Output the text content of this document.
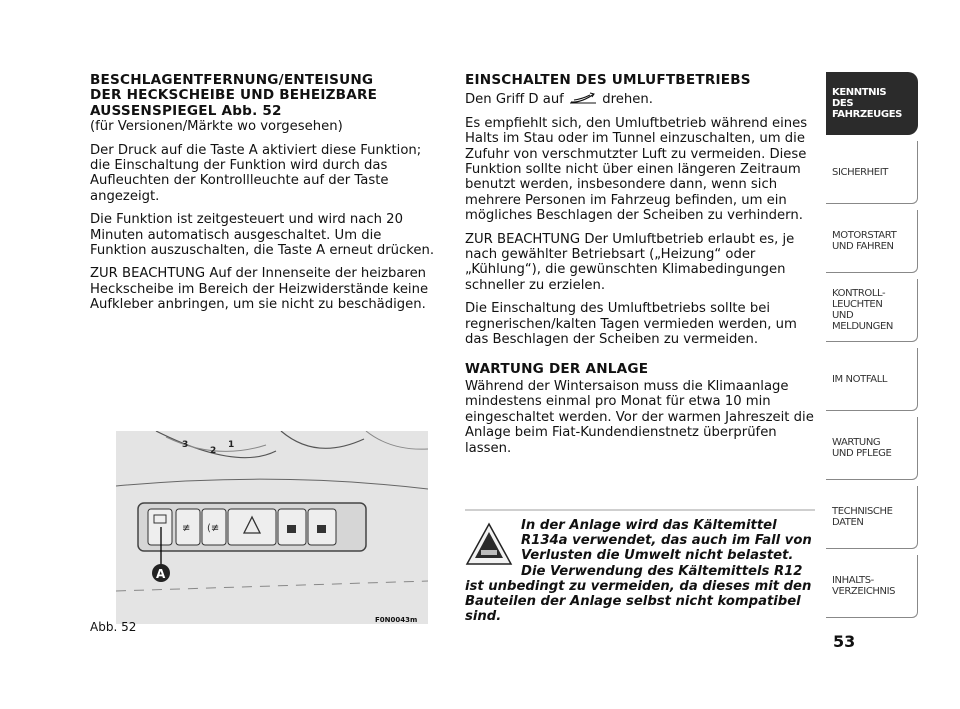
BESCHLAGENTFERNUNG/ENTEISUNG
DER HECKSCHEIBE UND BEHEIZBARE
AUSSENSPIEGEL Abb. 52
(für Versionen/Märkte wo vorgesehen)

Der Druck auf die Taste A aktiviert diese Funktion; die Einschaltung der Funktion wird durch das Aufleuchten der Kontrollleuchte auf der Taste angezeigt.

Die Funktion ist zeitgesteuert und wird nach 20 Minuten automatisch ausgeschaltet. Um die Funktion auszuschalten, die Taste A erneut drücken.

ZUR BEACHTUNG Auf der Innenseite der heizbaren Heckscheibe im Bereich der Heizwiderstände keine Aufkleber anbringen, um sie nicht zu beschädigen.

3
2
1
≢ (≢
A
Abb. 52	F0N0043m
EINSCHALTEN DES UMLUFTBETRIEBS

Den Griff D auf	drehen.

Es empfiehlt sich, den Umluftbetrieb während eines Halts im Stau oder im Tunnel einzuschalten, um die Zufuhr von verschmutzter Luft zu vermeiden. Diese Funktion sollte nicht über einen längeren Zeitraum benutzt werden, insbesondere dann, wenn sich mehrere Personen im Fahrzeug befinden, um ein mögliches Beschlagen der Scheiben zu verhindern.

ZUR BEACHTUNG Der Umluftbetrieb erlaubt es, je nach gewählter Betriebsart („Heizung“ oder „Kühlung“), die gewünschten Klimabedingungen schneller zu erzielen.

Die Einschaltung des Umluftbetriebs sollte bei regnerischen/kalten Tagen vermieden werden, um das Beschlagen der Scheiben zu vermeiden.

WARTUNG DER ANLAGE

Während der Wintersaison muss die Klimaanlage mindestens einmal pro Monat für etwa 10 min eingeschaltet werden. Vor der warmen Jahreszeit die Anlage beim Fiat-Kundendienstnetz überprüfen lassen.

In der Anlage wird das Kältemittel R134a verwendet, das auch im Fall von Verlusten die Umwelt nicht belastet. Die Verwendung des Kältemittels R12 ist unbedingt zu vermeiden, da dieses mit den Bauteilen der Anlage selbst nicht kompatibel sind.
KENNTNIS
DES FAHRZEUGES
SICHERHEIT
MOTORSTART
UND FAHREN
KONTROLL-
LEUCHTEN
UND MELDUNGEN
IM NOTFALL
WARTUNG
UND PFLEGE
TECHNISCHE
DATEN
INHALTS-
VERZEICHNIS
53
